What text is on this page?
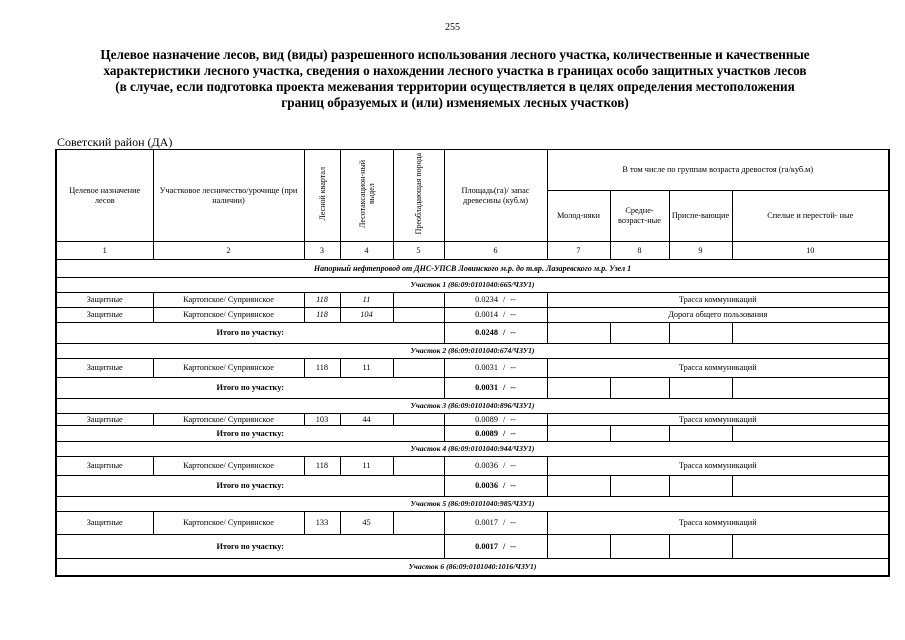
255
Целевое назначение лесов, вид (виды) разрешенного использования лесного участка, количественные и качественные
характеристики лесного участка, сведения о нахождении лесного участка в границах особо защитных участков лесов
(в случае, если подготовка проекта межевания территории осуществляется в целях определения местоположения
границ образуемых и (или) изменяемых лесных участков)
Советский район (ДА)
Целевое назначение лесов	Участковое лесничество/урочище (при наличии)	Лесной квартал	Лесотаксацион-ный выдел	Преобладающая порода	Площадь(га)/ запас древесины (куб.м)	В том числе по группам возраста древостоя (га/куб.м)			
						Молод-няки	Средне-возраст-ные	Приспе-вающие	Спелые и перестой- ные
1	2	3	4	5	6	7	8	9	10
Напорный нефтепровод от ДНС-УПСВ Ловинского м.р. до т.вр. Лазаревского м.р. Узел 1									
Участок 1 (86:09:0101040:665/ЧЗУ1)									
Защитные	Картопское/ Суприянское	118	11		0.0234 / --	Трасса коммуникаций			
Защитные	Картопское/ Суприянское	118	104		0.0014 / --	Дорога общего пользования			
Итого по участку:					0.0248 / --				
Участок 2 (86:09:0101040:674/ЧЗУ1)									
Защитные	Картопское/ Суприянское	118	11		0.0031 / --	Трасса коммуникаций			
Итого по участку:					0.0031 / --				
Участок 3 (86:09:0101040:896/ЧЗУ1)									
Защитные	Картопское/ Суприянское	103	44		0.0089 / --	Трасса коммуникаций			
Итого по участку:					0.0089 / --				
Участок 4 (86:09:0101040:944/ЧЗУ1)									
Защитные	Картопское/ Суприянское	118	11		0.0036 / --	Трасса коммуникаций			
Итого по участку:					0.0036 / --				
Участок 5 (86:09:0101040:985/ЧЗУ1)									
Защитные	Картопское/ Суприянское	133	45		0.0017 / --	Трасса коммуникаций			
Итого по участку:					0.0017 / --				
Участок 6 (86:09:0101040:1016/ЧЗУ1)									
